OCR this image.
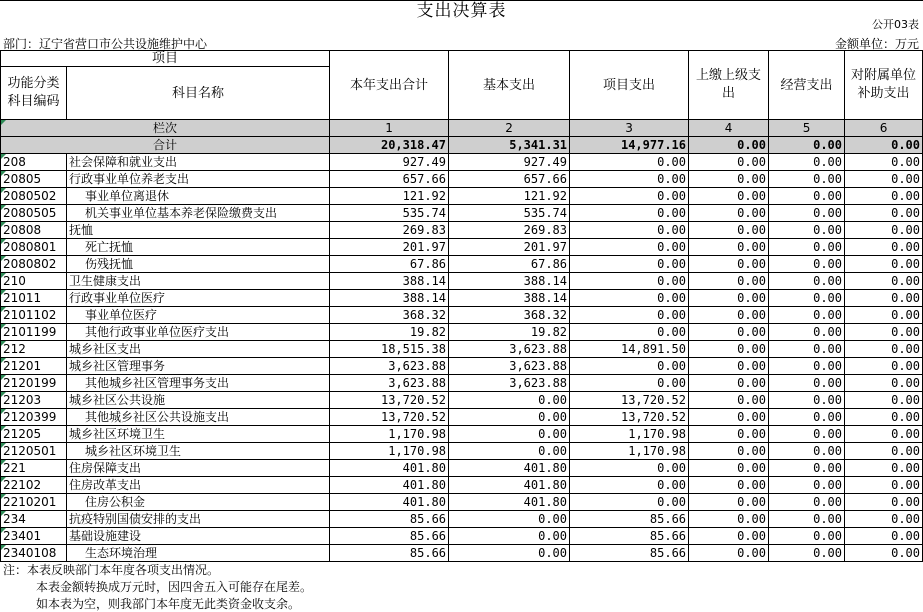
支出决算表
公开03表
部门：辽宁省营口市公共设施维护中心	金额单位：万元
项目		本年支出合计	基本支出	项目支出	上缴上级支出	经营支出	对附属单位补助支出
功能分类科目编码	科目名称						
栏次		1	2	3	4	5	6
合计		20,318.47	5,341.31	14,977.16	0.00	0.00	0.00
208	社会保障和就业支出	927.49	927.49	0.00	0.00	0.00	0.00
20805	行政事业单位养老支出	657.66	657.66	0.00	0.00	0.00	0.00
2080502	事业单位离退休	121.92	121.92	0.00	0.00	0.00	0.00
2080505	机关事业单位基本养老保险缴费支出	535.74	535.74	0.00	0.00	0.00	0.00
20808	抚恤	269.83	269.83	0.00	0.00	0.00	0.00
2080801	死亡抚恤	201.97	201.97	0.00	0.00	0.00	0.00
2080802	伤残抚恤	67.86	67.86	0.00	0.00	0.00	0.00
210	卫生健康支出	388.14	388.14	0.00	0.00	0.00	0.00
21011	行政事业单位医疗	388.14	388.14	0.00	0.00	0.00	0.00
2101102	事业单位医疗	368.32	368.32	0.00	0.00	0.00	0.00
2101199	其他行政事业单位医疗支出	19.82	19.82	0.00	0.00	0.00	0.00
212	城乡社区支出	18,515.38	3,623.88	14,891.50	0.00	0.00	0.00
21201	城乡社区管理事务	3,623.88	3,623.88	0.00	0.00	0.00	0.00
2120199	其他城乡社区管理事务支出	3,623.88	3,623.88	0.00	0.00	0.00	0.00
21203	城乡社区公共设施	13,720.52	0.00	13,720.52	0.00	0.00	0.00
2120399	其他城乡社区公共设施支出	13,720.52	0.00	13,720.52	0.00	0.00	0.00
21205	城乡社区环境卫生	1,170.98	0.00	1,170.98	0.00	0.00	0.00
2120501	城乡社区环境卫生	1,170.98	0.00	1,170.98	0.00	0.00	0.00
221	住房保障支出	401.80	401.80	0.00	0.00	0.00	0.00
22102	住房改革支出	401.80	401.80	0.00	0.00	0.00	0.00
2210201	住房公积金	401.80	401.80	0.00	0.00	0.00	0.00
234	抗疫特别国债安排的支出	85.66	0.00	85.66	0.00	0.00	0.00
23401	基础设施建设	85.66	0.00	85.66	0.00	0.00	0.00
2340108	生态环境治理	85.66	0.00	85.66	0.00	0.00	0.00
注：本表反映部门本年度各项支出情况。
本表金额转换成万元时，因四舍五入可能存在尾差。
如本表为空，则我部门本年度无此类资金收支余。
